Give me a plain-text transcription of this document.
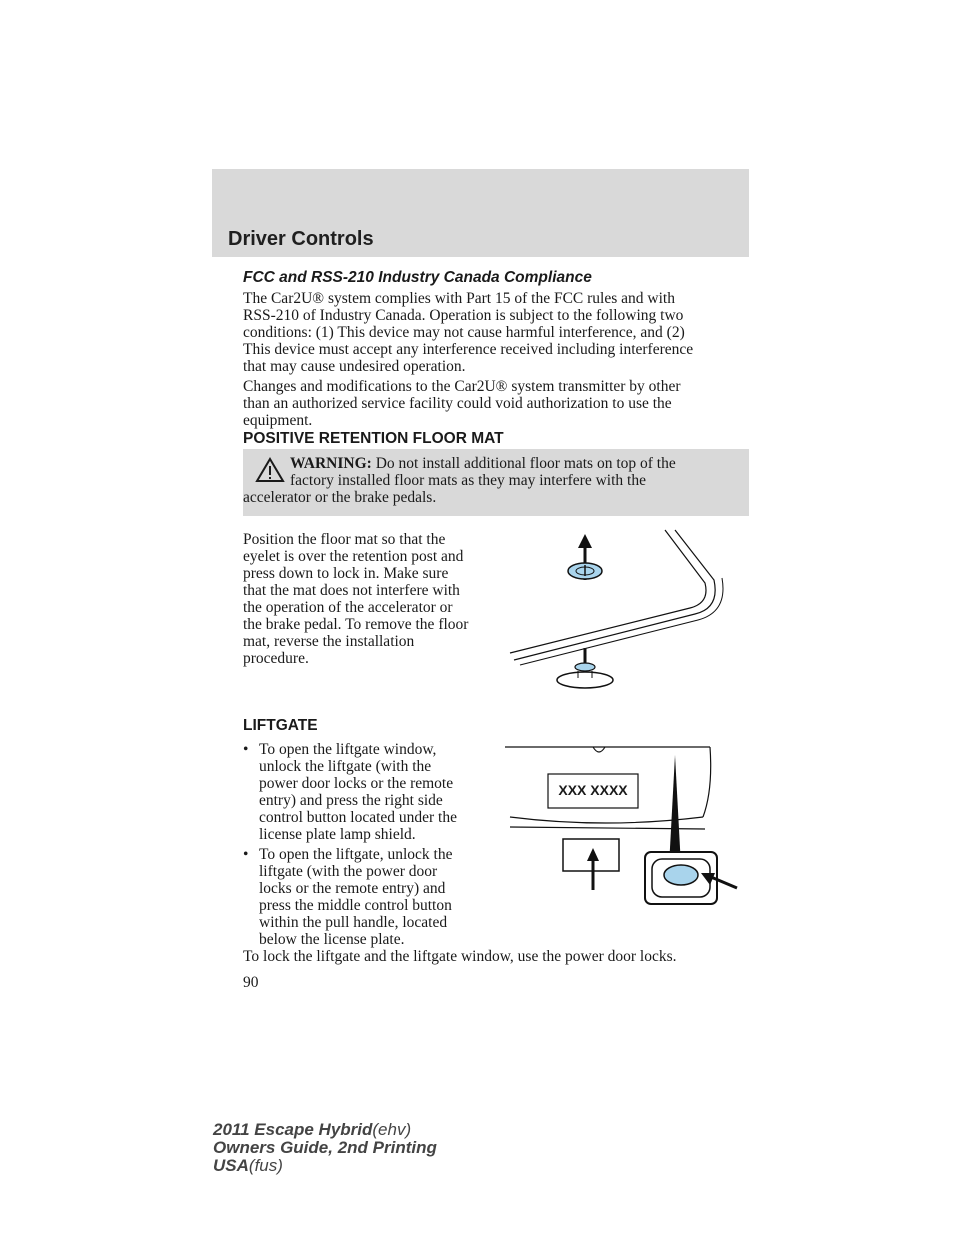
Driver Controls
FCC and RSS-210 Industry Canada Compliance
The Car2U® system complies with Part 15 of the FCC rules and with
RSS-210 of Industry Canada. Operation is subject to the following two
conditions: (1) This device may not cause harmful interference, and (2)
This device must accept any interference received including interference
that may cause undesired operation.
Changes and modifications to the Car2U® system transmitter by other
than an authorized service facility could void authorization to use the
equipment.
POSITIVE RETENTION FLOOR MAT
WARNING: Do not install additional floor mats on top of the
factory installed floor mats as they may interfere with the
accelerator or the brake pedals.
Position the floor mat so that the
eyelet is over the retention post and
press down to lock in. Make sure
that the mat does not interfere with
the operation of the accelerator or
the brake pedal. To remove the floor
mat, reverse the installation
procedure.
LIFTGATE
• To open the liftgate window,
unlock the liftgate (with the
power door locks or the remote
entry) and press the right side
control button located under the
license plate lamp shield.
• To open the liftgate, unlock the
liftgate (with the power door
locks or the remote entry) and
press the middle control button
within the pull handle, located
below the license plate.
To lock the liftgate and the liftgate window, use the power door locks.
XXX XXXX
90
2011 Escape Hybrid(ehv)
Owners Guide, 2nd Printing
USA(fus)
